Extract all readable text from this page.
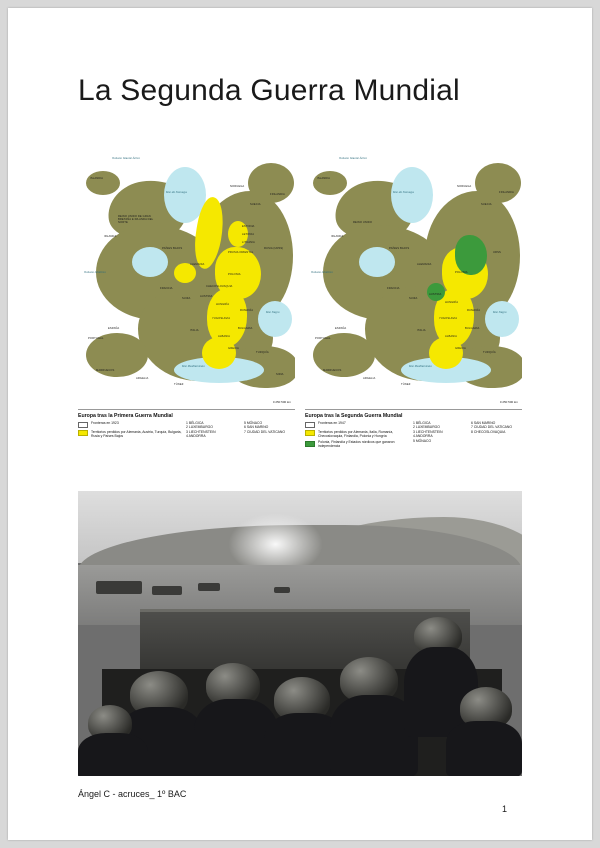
La Segunda Guerra Mundial
Océano Glacial Ártico
Mar de Noruega
Océano Atlántico
Mar Mediterráneo
Mar Negro
ISLANDIA
NORUEGA
SUECIA
FINLANDIA
ESTONIA
LETONIA
LITUANIA
PRUSIA ORIENTAL
REINO UNIDO DE GRAN BRETAÑA E IRLANDA DEL NORTE
IRLANDA
PAÍSES BAJOS
ALEMANIA
POLONIA
RUSIA (URSS)
FRANCIA
SUIZA
AUSTRIA
HUNGRÍA
CHECOSLOVAQUIA
RUMANÍA
YUGOSLAVIA
BULGARIA
ALBANIA
GRECIA
ITALIA
ESPAÑA
PORTUGAL
TURQUÍA
MARRUECOS
ARGELIA
TÚNEZ
SIRIA
0 250 500 km
Europa tras la Primera Guerra Mundial
Fronteras en 1923
Territorios perdidos por Alemania, Austria, Turquía, Bulgaria, Rusia y Países Bajos
1 BÉLGICA
2 LUXEMBURGO
3 LIECHTENSTEIN
4 ANDORRA
5 MÓNACO
6 SAN MARINO
7 CIUDAD DEL VATICANO
Océano Glacial Ártico
Mar de Noruega
Océano Atlántico
Mar Mediterráneo
Mar Negro
ISLANDIA
NORUEGA
SUECIA
FINLANDIA
IRLANDA
REINO UNIDO
PAÍSES BAJOS
ALEMANIA
POLONIA
URSS
FRANCIA
SUIZA
AUSTRIA
HUNGRÍA
RUMANÍA
YUGOSLAVIA
BULGARIA
ALBANIA
GRECIA
ITALIA
ESPAÑA
PORTUGAL
TURQUÍA
MARRUECOS
ARGELIA
TÚNEZ
0 250 500 km
Europa tras la Segunda Guerra Mundial
Fronteras en 1947
Territorios perdidos por Alemania, Italia, Rumanía, Checoslovaquia, Finlandia, Polonia y Hungría
Polonia, Finlandia y Estados nórdicos que ganaron independencia
1 BÉLGICA
2 LUXEMBURGO
3 LIECHTENSTEIN
4 ANDORRA
5 MÓNACO
6 SAN MARINO
7 CIUDAD DEL VATICANO
8 CHECOSLOVAQUIA
Ángel C - acruces_ 1º BAC
1
